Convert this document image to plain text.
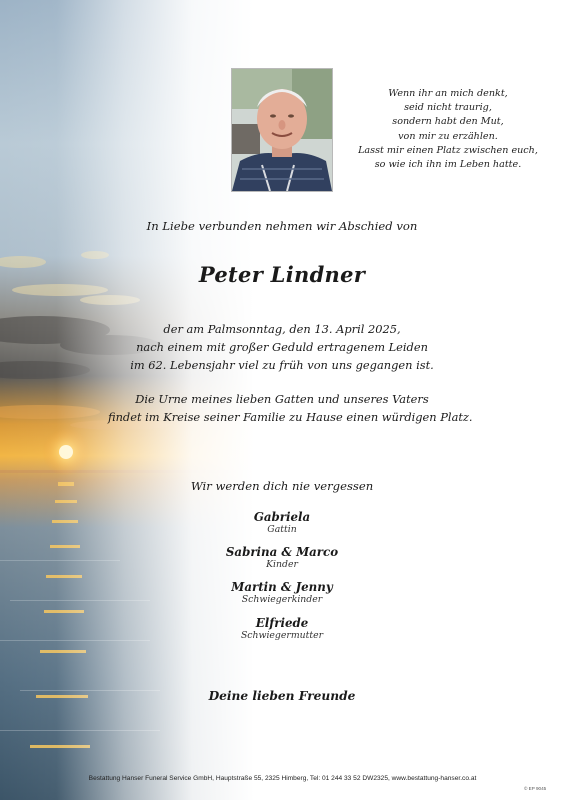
Wenn ihr an mich denkt,
seid nicht traurig,
sondern habt den Mut,
von mir zu erzählen.
Lasst mir einen Platz zwischen euch,
so wie ich ihn im Leben hatte.
In Liebe verbunden nehmen wir Abschied von
Peter Lindner
der am Palmsonntag, den 13. April 2025,
nach einem mit großer Geduld ertragenem Leiden
im 62. Lebensjahr viel zu früh von uns gegangen ist.
Die Urne meines lieben Gatten und unseres Vaters
findet im Kreise seiner Familie zu Hause einen würdigen Platz.
Wir werden dich nie vergessen
Gabriela
Gattin
Sabrina & Marco
Kinder
Martin & Jenny
Schwiegerkinder
Elfriede
Schwiegermutter
Deine lieben Freunde
Bestattung Hanser Funeral Service GmbH, Hauptstraße 55, 2325 Himberg, Tel: 01 244 33 52 DW2325, www.bestattung-hanser.co.at
© EP 9045
